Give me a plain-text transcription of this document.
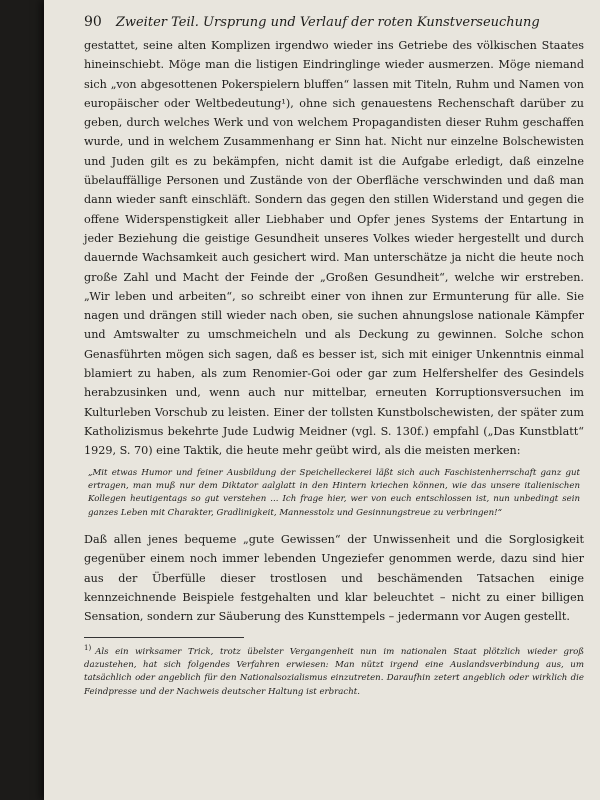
90 Zweiter Teil. Ursprung und Verlauf der roten Kunstverseuchung

gestattet, seine alten Komplizen irgendwo wieder ins Getriebe des völkischen Staates hineinschiebt. Möge man die listigen Eindringlinge wieder ausmerzen. Möge niemand sich „von abgesottenen Pokerspielern bluffen“ lassen mit Titeln, Ruhm und Namen von europäischer oder Weltbedeutung¹), ohne sich genauestens Rechenschaft darüber zu geben, durch welches Werk und von welchem Propagandisten dieser Ruhm geschaffen wurde, und in welchem Zusammenhang er Sinn hat. Nicht nur einzelne Bolschewisten und Juden gilt es zu bekämpfen, nicht damit ist die Aufgabe erledigt, daß einzelne übelauffällige Personen und Zustände von der Oberfläche verschwinden und daß man dann wieder sanft einschläft. Sondern das gegen den stillen Widerstand und gegen die offene Widerspenstigkeit aller Liebhaber und Opfer jenes Systems der Entartung in jeder Beziehung die geistige Gesundheit unseres Volkes wieder hergestellt und durch dauernde Wachsamkeit auch gesichert wird. Man unterschätze ja nicht die heute noch große Zahl und Macht der Feinde der „Großen Gesundheit“, welche wir erstreben. „Wir leben und arbeiten“, so schreibt einer von ihnen zur Ermunterung für alle. Sie nagen und drängen still wieder nach oben, sie suchen ahnungslose nationale Kämpfer und Amtswalter zu umschmeicheln und als Deckung zu gewinnen. Solche schon Genasführten mögen sich sagen, daß es besser ist, sich mit einiger Unkenntnis einmal blamiert zu haben, als zum Renomier-Goi oder gar zum Helfershelfer des Gesindels herabzusinken und, wenn auch nur mittelbar, erneuten Korruptionsversuchen im Kulturleben Vorschub zu leisten. Einer der tollsten Kunstbolschewisten, der später zum Katholizismus bekehrte Jude Ludwig Meidner (vgl. S. 130f.) empfahl („Das Kunstblatt“ 1929, S. 70) eine Taktik, die heute mehr geübt wird, als die meisten merken:

„Mit etwas Humor und feiner Ausbildung der Speichelleckerei läßt sich auch Faschistenherrschaft ganz gut ertragen, man muß nur dem Diktator aalglatt in den Hintern kriechen können, wie das unsere italienischen Kollegen heutigentags so gut verstehen ... Ich frage hier, wer von euch entschlossen ist, nun unbedingt sein ganzes Leben mit Charakter, Gradlinigkeit, Mannesstolz und Gesinnungstreue zu verbringen!“

Daß allen jenes bequeme „gute Gewissen“ der Unwissenheit und die Sorglosigkeit gegenüber einem noch immer lebenden Ungeziefer genommen werde, dazu sind hier aus der Überfülle dieser trostlosen und beschämenden Tatsachen einige kennzeichnende Beispiele festgehalten und klar beleuchtet – nicht zu einer billigen Sensation, sondern zur Säuberung des Kunsttempels – jedermann vor Augen gestellt.

$^{1)}$ Als ein wirksamer Trick, trotz übelster Vergangenheit nun im nationalen Staat plötzlich wieder groß dazustehen, hat sich folgendes Verfahren erwiesen: Man nützt irgend eine Auslandsverbindung aus, um tatsächlich oder angeblich für den Nationalsozialismus einzutreten. Daraufhin zetert angeblich oder wirklich die Feindpresse und der Nachweis deutscher Haltung ist erbracht.
